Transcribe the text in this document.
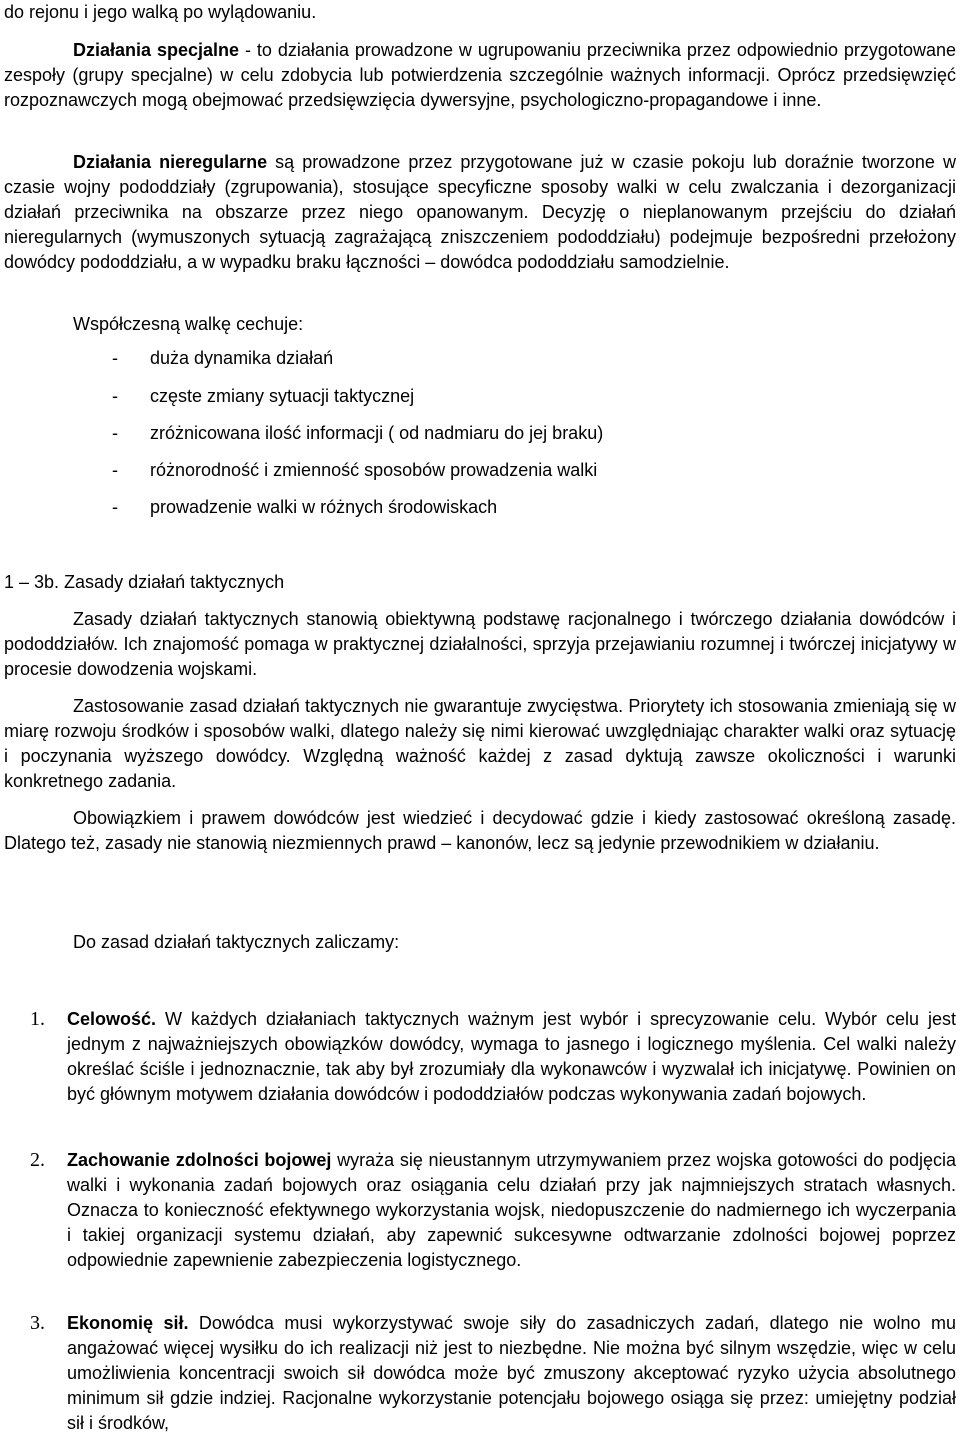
do rejonu i jego walką po wylądowaniu.

Działania specjalne - to działania prowadzone w ugrupowaniu przeciwnika przez odpowiednio przygotowane zespoły (grupy specjalne) w celu zdobycia lub potwierdzenia szczególnie ważnych informacji. Oprócz przedsięwzięć rozpoznawczych mogą obejmować przedsięwzięcia dywersyjne, psychologiczno-propagandowe i inne.

Działania nieregularne są prowadzone przez przygotowane już w czasie pokoju lub doraźnie tworzone w czasie wojny pododdziały (zgrupowania), stosujące specyficzne sposoby walki w celu zwalczania i dezorganizacji działań przeciwnika na obszarze przez niego opanowanym. Decyzję o nieplanowanym przejściu do działań nieregularnych (wymuszonych sytuacją zagrażającą zniszczeniem pododdziału) podejmuje bezpośredni przełożony dowódcy pododdziału, a w wypadku braku łączności – dowódca pododdziału samodzielnie.

Współczesną walkę cechuje:

- duża dynamika działań
- częste zmiany sytuacji taktycznej
- zróżnicowana ilość informacji ( od nadmiaru do jej braku)
- różnorodność i zmienność sposobów prowadzenia walki
- prowadzenie walki w różnych środowiskach

1 – 3b. Zasady działań taktycznych

Zasady działań taktycznych stanowią obiektywną podstawę racjonalnego i twórczego działania dowódców i pododdziałów. Ich znajomość pomaga w praktycznej działalności, sprzyja przejawianiu rozumnej i twórczej inicjatywy w procesie dowodzenia wojskami.

Zastosowanie zasad działań taktycznych nie gwarantuje zwycięstwa. Priorytety ich stosowania zmieniają się w miarę rozwoju środków i sposobów walki, dlatego należy się nimi kierować uwzględniając charakter walki oraz sytuację i poczynania wyższego dowódcy. Względną ważność każdej z zasad dyktują zawsze okoliczności i warunki konkretnego zadania.

Obowiązkiem i prawem dowódców jest wiedzieć i decydować gdzie i kiedy zastosować określoną zasadę. Dlatego też, zasady nie stanowią niezmiennych prawd – kanonów, lecz są jedynie przewodnikiem w działaniu.

Do zasad działań taktycznych zaliczamy:

1.	Celowość. W każdych działaniach taktycznych ważnym jest wybór i sprecyzowanie celu. Wybór celu jest jednym z najważniejszych obowiązków dowódcy, wymaga to jasnego i logicznego myślenia. Cel walki należy określać ściśle i jednoznacznie, tak aby był zrozumiały dla wykonawców i wyzwalał ich inicjatywę. Powinien on być głównym motywem działania dowódców i pododdziałów podczas wykonywania zadań bojowych.

2.	Zachowanie zdolności bojowej wyraża się nieustannym utrzymywaniem przez wojska gotowości do podjęcia walki i wykonania zadań bojowych oraz osiągania celu działań przy jak najmniejszych stratach własnych. Oznacza to konieczność efektywnego wykorzystania wojsk, niedopuszczenie do nadmiernego ich wyczerpania i takiej organizacji systemu działań, aby zapewnić sukcesywne odtwarzanie zdolności bojowej poprzez odpowiednie zapewnienie zabezpieczenia logistycznego.

3.	Ekonomię sił. Dowódca musi wykorzystywać swoje siły do zasadniczych zadań, dlatego nie wolno mu angażować więcej wysiłku do ich realizacji niż jest to niezbędne. Nie można być silnym wszędzie, więc w celu umożliwienia koncentracji swoich sił dowódca może być zmuszony akceptować ryzyko użycia absolutnego minimum sił gdzie indziej. Racjonalne wykorzystanie potencjału bojowego osiąga się przez: umiejętny podział sił i środków,
